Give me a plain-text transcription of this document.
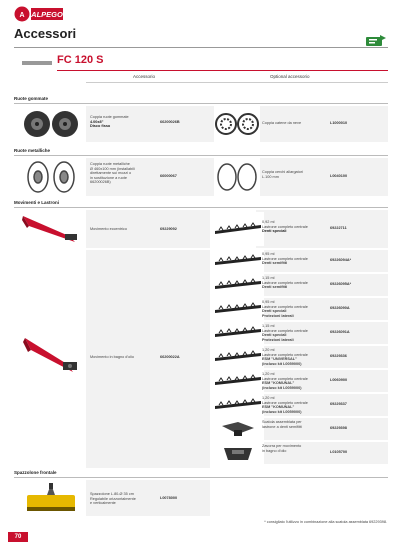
A ALPEGO
Accessori
FC 120 S
Accessorio	Optional accessorio
Ruote gommate
Coppia ruote gommate
4.00x8"
Disco fisso
66200026B	Coppia catene da neve	L1000010
Ruote metalliche
Coppia ruote metalliche
Ø 460x100 mm (installabili
direttamente sui mozzi o
in sostituzione a ruote
66200026B)
66000067
Coppia cerchi allargatori
L.100 mm	L0040100
Movimenti e Lastroni
Movimento eccentrico	69229092
0,92 ml
Lastrone completo centrale
Denti speciali
69222711
Movimento in bagno d'olio	66200022A
0,95 ml
Lastrone completo centrale
Denti semifitti
69226094A*
1,15 ml
Lastrone completo centrale
Denti semifitti
69226095A*
0,95 ml
Lastrone completo centrale
Denti speciali
Protezioni laterali
69226090A
1,15 ml
Lastrone completo centrale
Denti speciali
Protezioni laterali
69226091A
1,20 ml
Lastrone completo centrale
ESM "UNIVERSAL"
(incluso kit L0059000)
69229336
1,20 ml
Lastrone completo centrale
ESM "KOMUNAL"
(incluso kit L0059000)
L0060900
1,20 ml
Lastrone completo centrale
ESM "KOMUNAL"
(incluso kit L0059000)
69229337
Scatola assemblata per
lastrone a denti semifitti	69229398
Zavorra per movimento
in bagno d'olio	L0105700
Spazzolone frontale
Spazzolone L.80-Ø 35 cm
Regolabile orizzontalmente
e verticalmente
L0078000
* consigliato l'utilizzo in combinazione alla scatola assemblata 69229398.
70
